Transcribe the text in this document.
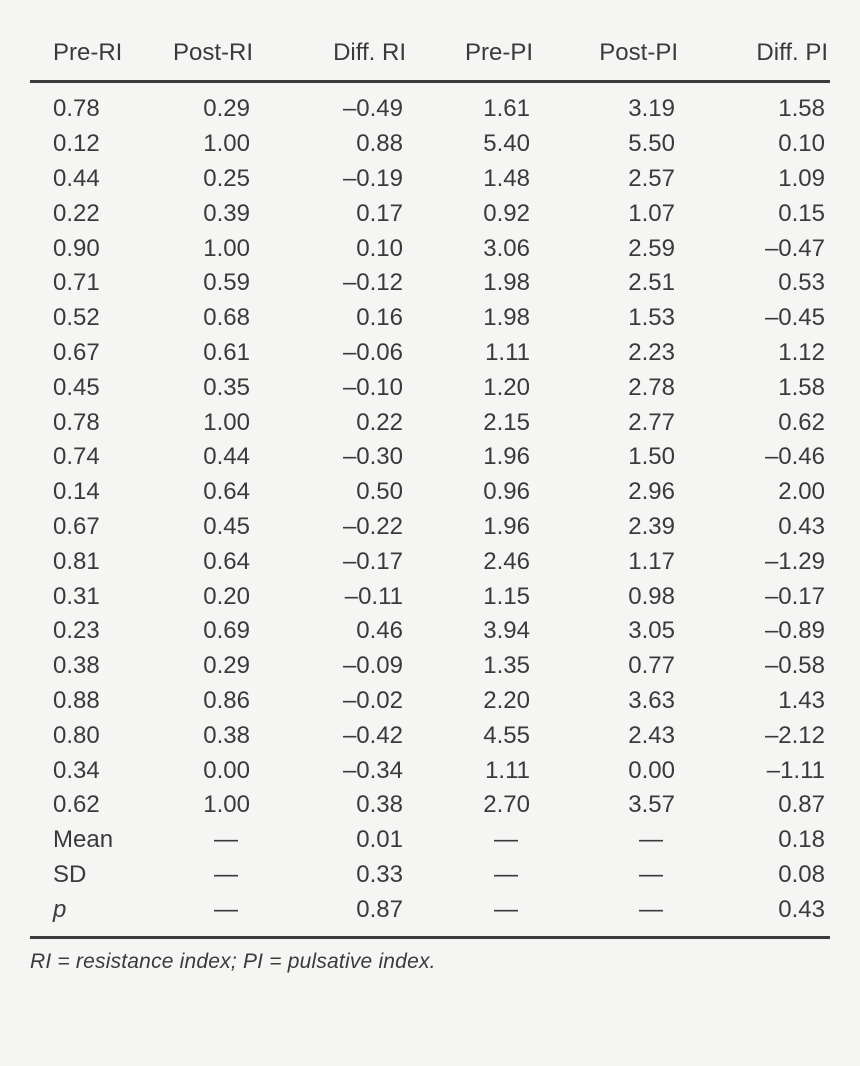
Pre-RI	Post-RI	Diff. RI	Pre-PI	Post-PI	Diff. PI
0.78	0.29	–0.49	1.61	3.19	1.58
0.12	1.00	0.88	5.40	5.50	0.10
0.44	0.25	–0.19	1.48	2.57	1.09
0.22	0.39	0.17	0.92	1.07	0.15
0.90	1.00	0.10	3.06	2.59	–0.47
0.71	0.59	–0.12	1.98	2.51	0.53
0.52	0.68	0.16	1.98	1.53	–0.45
0.67	0.61	–0.06	1.11	2.23	1.12
0.45	0.35	–0.10	1.20	2.78	1.58
0.78	1.00	0.22	2.15	2.77	0.62
0.74	0.44	–0.30	1.96	1.50	–0.46
0.14	0.64	0.50	0.96	2.96	2.00
0.67	0.45	–0.22	1.96	2.39	0.43
0.81	0.64	–0.17	2.46	1.17	–1.29
0.31	0.20	–0.11	1.15	0.98	–0.17
0.23	0.69	0.46	3.94	3.05	–0.89
0.38	0.29	–0.09	1.35	0.77	–0.58
0.88	0.86	–0.02	2.20	3.63	1.43
0.80	0.38	–0.42	4.55	2.43	–2.12
0.34	0.00	–0.34	1.11	0.00	–1.11
0.62	1.00	0.38	2.70	3.57	0.87
Mean	—	0.01	—	—	0.18
SD	—	0.33	—	—	0.08
p	—	0.87	—	—	0.43
RI = resistance index; PI = pulsative index.
